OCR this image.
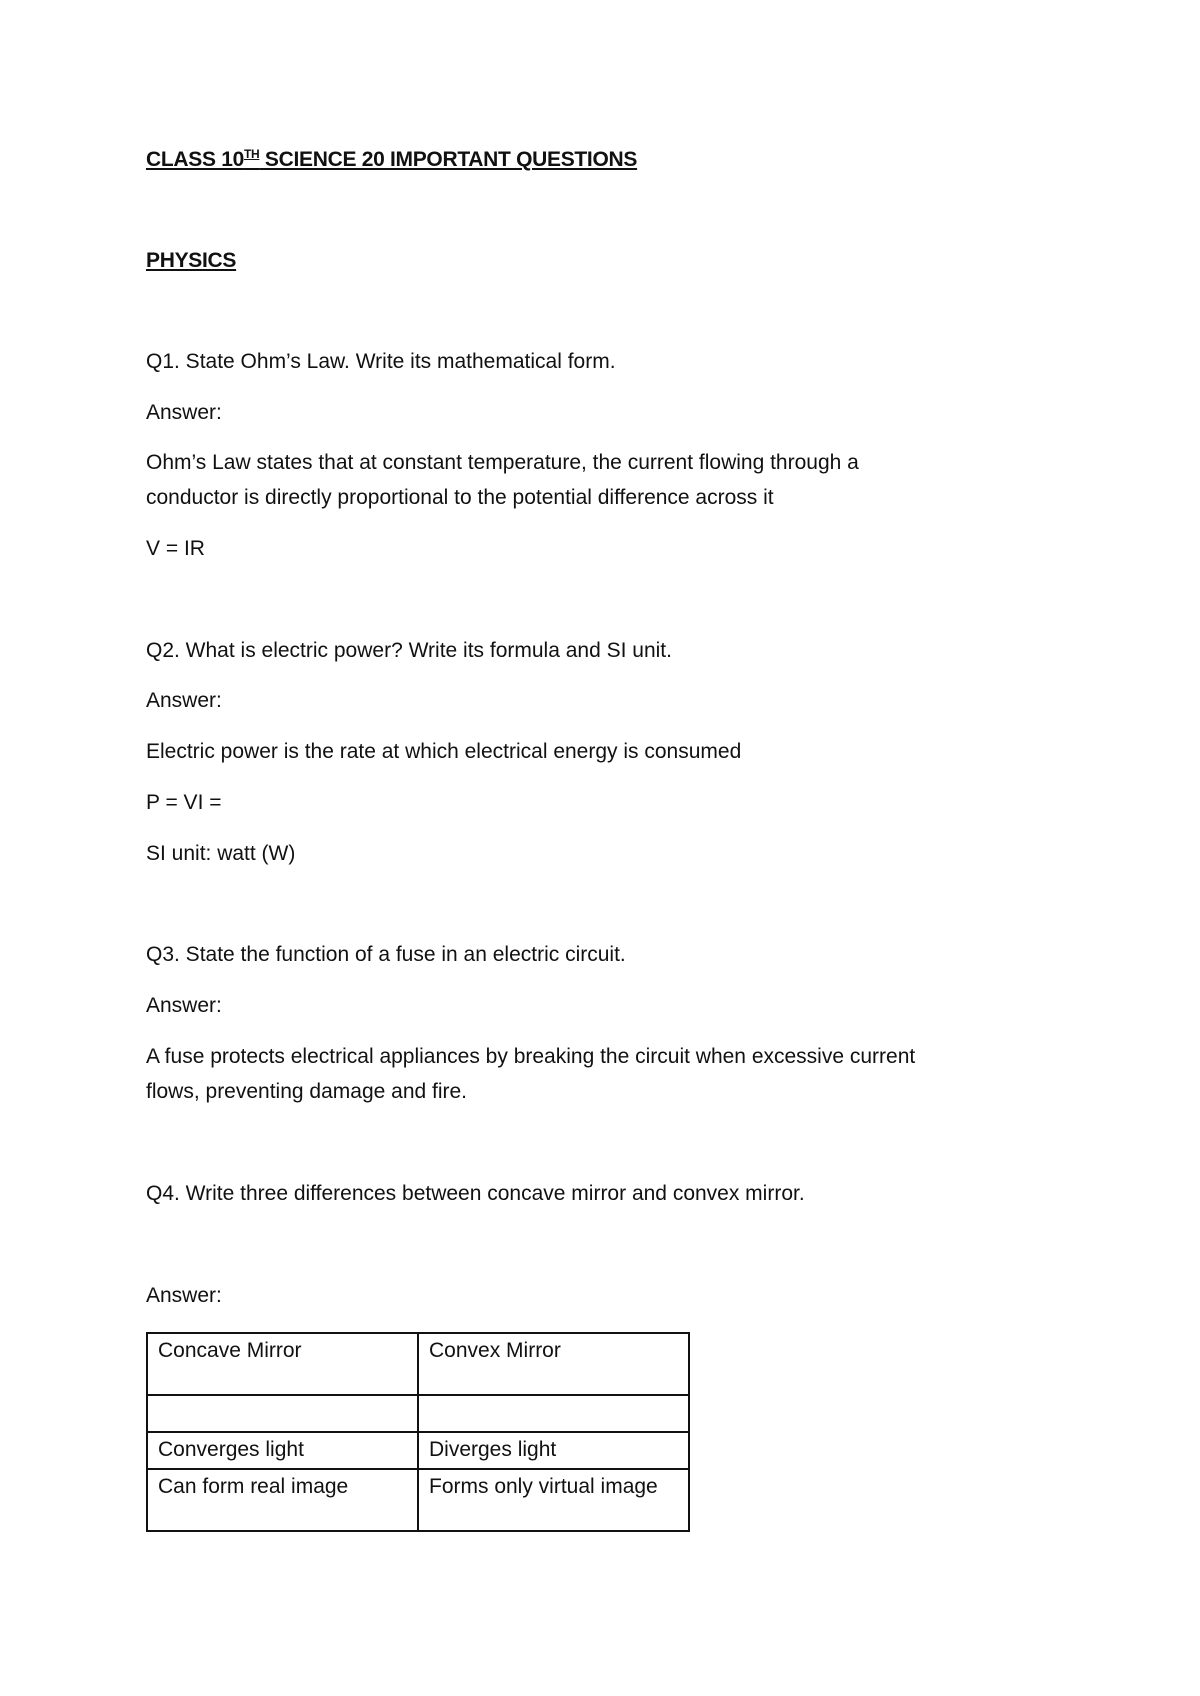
CLASS 10TH SCIENCE 20 IMPORTANT QUESTIONS
PHYSICS
Q1. State Ohm’s Law. Write its mathematical form.
Answer:
Ohm’s Law states that at constant temperature, the current flowing through a
conductor is directly proportional to the potential difference across it
V = IR
Q2. What is electric power? Write its formula and SI unit.
Answer:
Electric power is the rate at which electrical energy is consumed
P = VI =
SI unit: watt (W)
Q3. State the function of a fuse in an electric circuit.
Answer:
A fuse protects electrical appliances by breaking the circuit when excessive current
flows, preventing damage and fire.
Q4. Write three differences between concave mirror and convex mirror.
Answer:
Concave Mirror	Convex Mirror

Converges light	Diverges light
Can form real image	Forms only virtual image
